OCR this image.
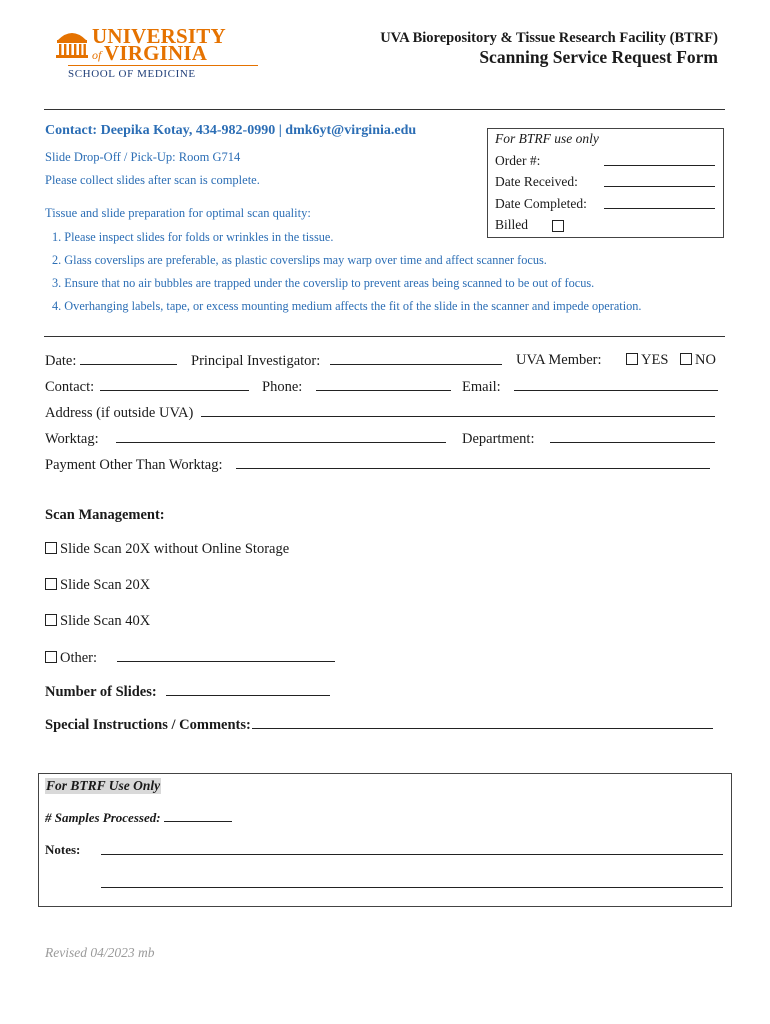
UNIVERSITY
of VIRGINIA
SCHOOL OF MEDICINE
UVA Biorepository & Tissue Research Facility (BTRF)
Scanning Service Request Form
Contact: Deepika Kotay, 434-982-0990 | dmk6yt@virginia.edu
Slide Drop-Off / Pick-Up: Room G714
Please collect slides after scan is complete.
Tissue and slide preparation for optimal scan quality:
1. Please inspect slides for folds or wrinkles in the tissue.
2. Glass coverslips are preferable, as plastic coverslips may warp over time and affect scanner focus.
3. Ensure that no air bubbles are trapped under the coverslip to prevent areas being scanned to be out of focus.
4. Overhanging labels, tape, or excess mounting medium affects the fit of the slide in the scanner and impede operation.
For BTRF use only
Order #:
Date Received:
Date Completed:
Billed
Date:	Principal Investigator:	UVA Member:	YES	NO
Contact:	Phone:	Email:
Address (if outside UVA)
Worktag:	Department:
Payment Other Than Worktag:
Scan Management:
Slide Scan 20X without Online Storage
Slide Scan 20X
Slide Scan 40X
Other:
Number of Slides:
Special Instructions / Comments:
For BTRF Use Only
# Samples Processed:
Notes:
Revised 04/2023 mb
